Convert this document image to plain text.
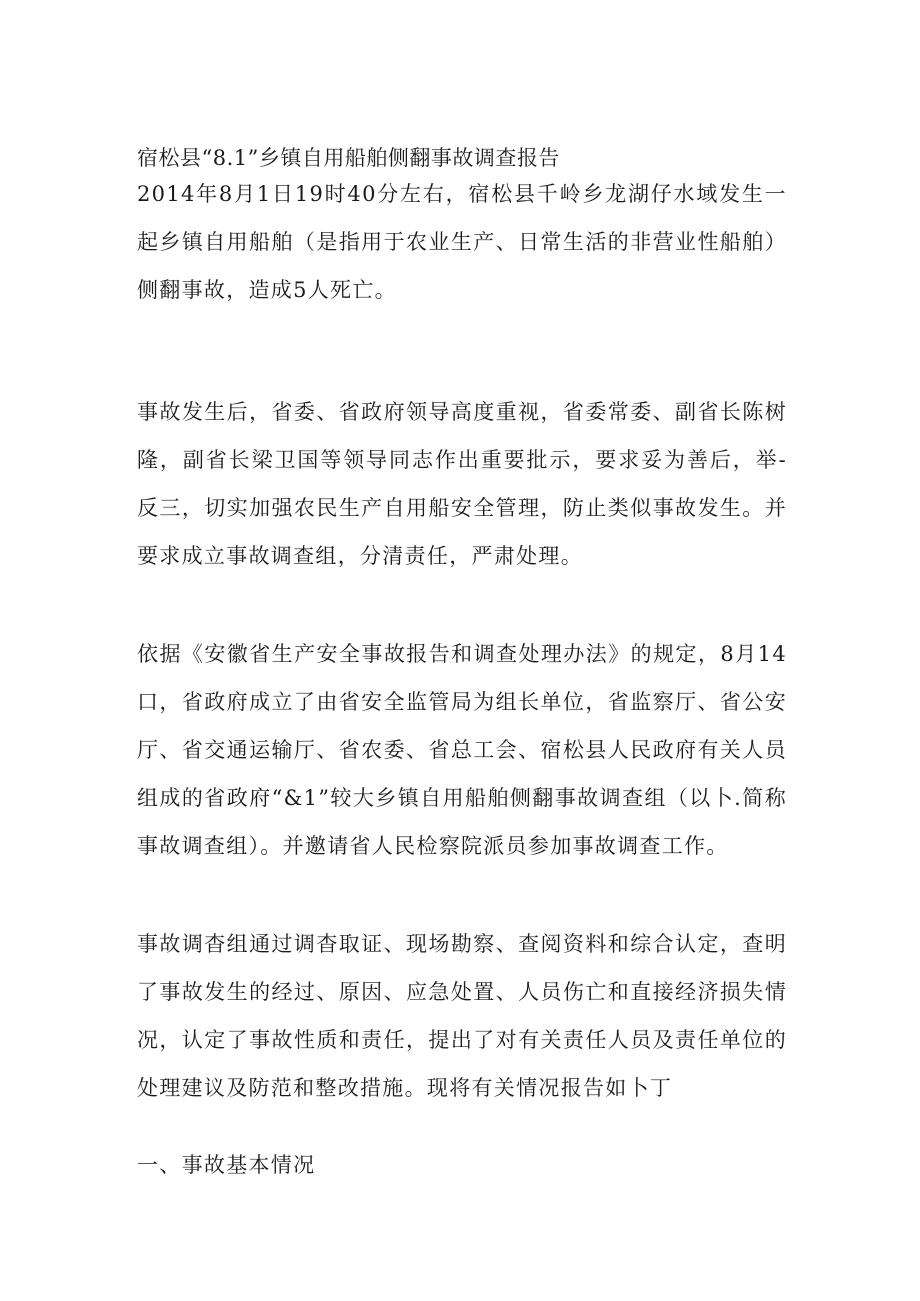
宿松县“8.1”乡镇自用船舶侧翻事故调查报告

2014年8月1日19时40分左右，宿松县千岭乡龙湖仔水域发生一起乡镇自用船舶（是指用于农业生产、日常生活的非营业性船舶）侧翻事故，造成5人死亡。

事故发生后，省委、省政府领导高度重视，省委常委、副省长陈树隆，副省长梁卫国等领导同志作出重要批示，要求妥为善后，举-反三，切实加强农民生产自用船安全管理，防止类似事故发生。并要求成立事故调查组，分清责任，严肃处理。

依据《安徽省生产安全事故报告和调查处理办法》的规定，8月14口，省政府成立了由省安全监管局为组长单位，省监察厅、省公安厅、省交通运输厅、省农委、省总工会、宿松县人民政府有关人员组成的省政府“&1”较大乡镇自用船舶侧翻事故调查组（以卜.简称事故调查组）。并邀请省人民检察院派员参加事故调查工作。

事故调杳组通过调杳取证、现场勘察、查阅资料和综合认定，查明了事故发生的经过、原因、应急处置、人员伤亡和直接经济损失情况，认定了事故性质和责任，提出了对有关责任人员及责任单位的处理建议及防范和整改措施。现将有关情况报告如卜丁

一、事故基本情况
